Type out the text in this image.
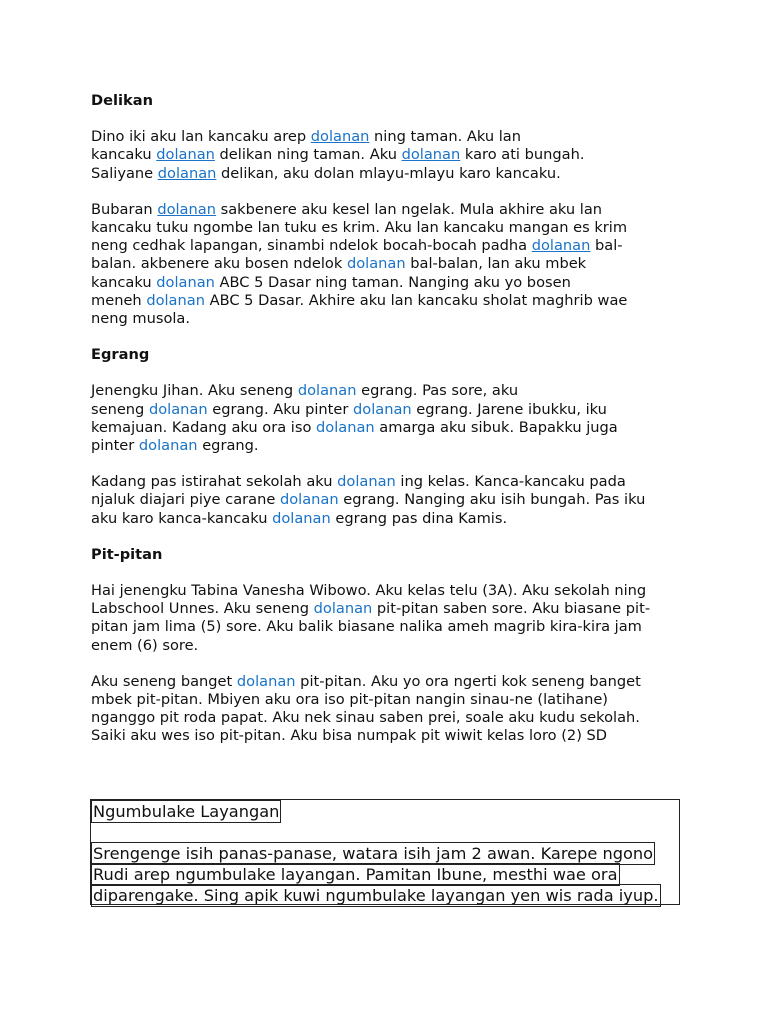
Delikan
Dino iki aku lan kancaku arep dolanan ning taman. Aku lan
kancaku dolanan delikan ning taman. Aku dolanan karo ati bungah.
Saliyane dolanan delikan, aku dolan mlayu-mlayu karo kancaku.
Bubaran dolanan sakbenere aku kesel lan ngelak. Mula akhire aku lan
kancaku tuku ngombe lan tuku es krim. Aku lan kancaku mangan es krim
neng cedhak lapangan, sinambi ndelok bocah-bocah padha dolanan bal-
balan. akbenere aku bosen ndelok dolanan bal-balan, lan aku mbek
kancaku dolanan ABC 5 Dasar ning taman. Nanging aku yo bosen
meneh dolanan ABC 5 Dasar. Akhire aku lan kancaku sholat maghrib wae
neng musola.
Egrang
Jenengku Jihan. Aku seneng dolanan egrang. Pas sore, aku
seneng dolanan egrang. Aku pinter dolanan egrang. Jarene ibukku, iku
kemajuan. Kadang aku ora iso dolanan amarga aku sibuk. Bapakku juga
pinter dolanan egrang.
Kadang pas istirahat sekolah aku dolanan ing kelas. Kanca-kancaku pada
njaluk diajari piye carane dolanan egrang. Nanging aku isih bungah. Pas iku
aku karo kanca-kancaku dolanan egrang pas dina Kamis.
Pit-pitan
Hai jenengku Tabina Vanesha Wibowo. Aku kelas telu (3A). Aku sekolah ning
Labschool Unnes. Aku seneng dolanan pit-pitan saben sore. Aku biasane pit-
pitan jam lima (5) sore. Aku balik biasane nalika ameh magrib kira-kira jam
enem (6) sore.
Aku seneng banget dolanan pit-pitan. Aku yo ora ngerti kok seneng banget
mbek pit-pitan. Mbiyen aku ora iso pit-pitan nangin sinau-ne (latihane)
nganggo pit roda papat. Aku nek sinau saben prei, soale aku kudu sekolah.
Saiki aku wes iso pit-pitan. Aku bisa numpak pit wiwit kelas loro (2) SD
Ngumbulake Layangan
Srengenge isih panas-panase, watara isih jam 2 awan. Karepe ngono
Rudi arep ngumbulake layangan. Pamitan Ibune, mesthi wae ora
diparengake. Sing apik kuwi ngumbulake layangan yen wis rada iyup.
